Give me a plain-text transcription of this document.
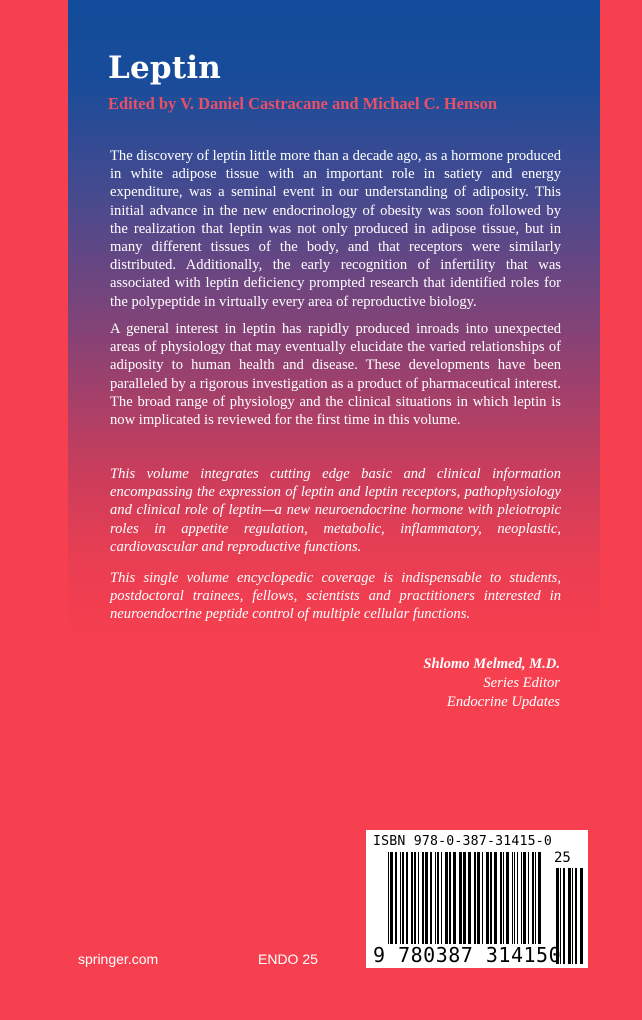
Leptin

Edited by V. Daniel Castracane and Michael C. Henson

The discovery of leptin little more than a decade ago, as a hormone produced in white adipose tissue with an important role in satiety and energy expenditure, was a seminal event in our understanding of adiposity. This initial advance in the new endocrinology of obesity was soon followed by the realization that leptin was not only produced in adipose tissue, but in many different tissues of the body, and that receptors were similarly distributed. Additionally, the early recognition of infertility that was associated with leptin deficiency prompted research that identified roles for the polypeptide in virtually every area of reproductive biology.

A general interest in leptin has rapidly produced inroads into unexpected areas of physiology that may eventually elucidate the varied relationships of adiposity to human health and disease. These developments have been paralleled by a rigorous investigation as a product of pharmaceutical interest. The broad range of physiology and the clinical situations in which leptin is now implicated is reviewed for the first time in this volume.

This volume integrates cutting edge basic and clinical information encompassing the expression of leptin and leptin receptors, pathophysiology and clinical role of leptin—a new neuroendocrine hormone with pleiotropic roles in appetite regulation, metabolic, inflammatory, neoplastic, cardiovascular and reproductive functions.

This single volume encyclopedic coverage is indispensable to students, postdoctoral trainees, fellows, scientists and practitioners interested in neuroendocrine peptide control of multiple cellular functions.

Shlomo Melmed, M.D.
Series Editor
Endocrine Updates

springer.com	ENDO 25

ISBN 978-0-387-31415-0

25

9 780387 314150
